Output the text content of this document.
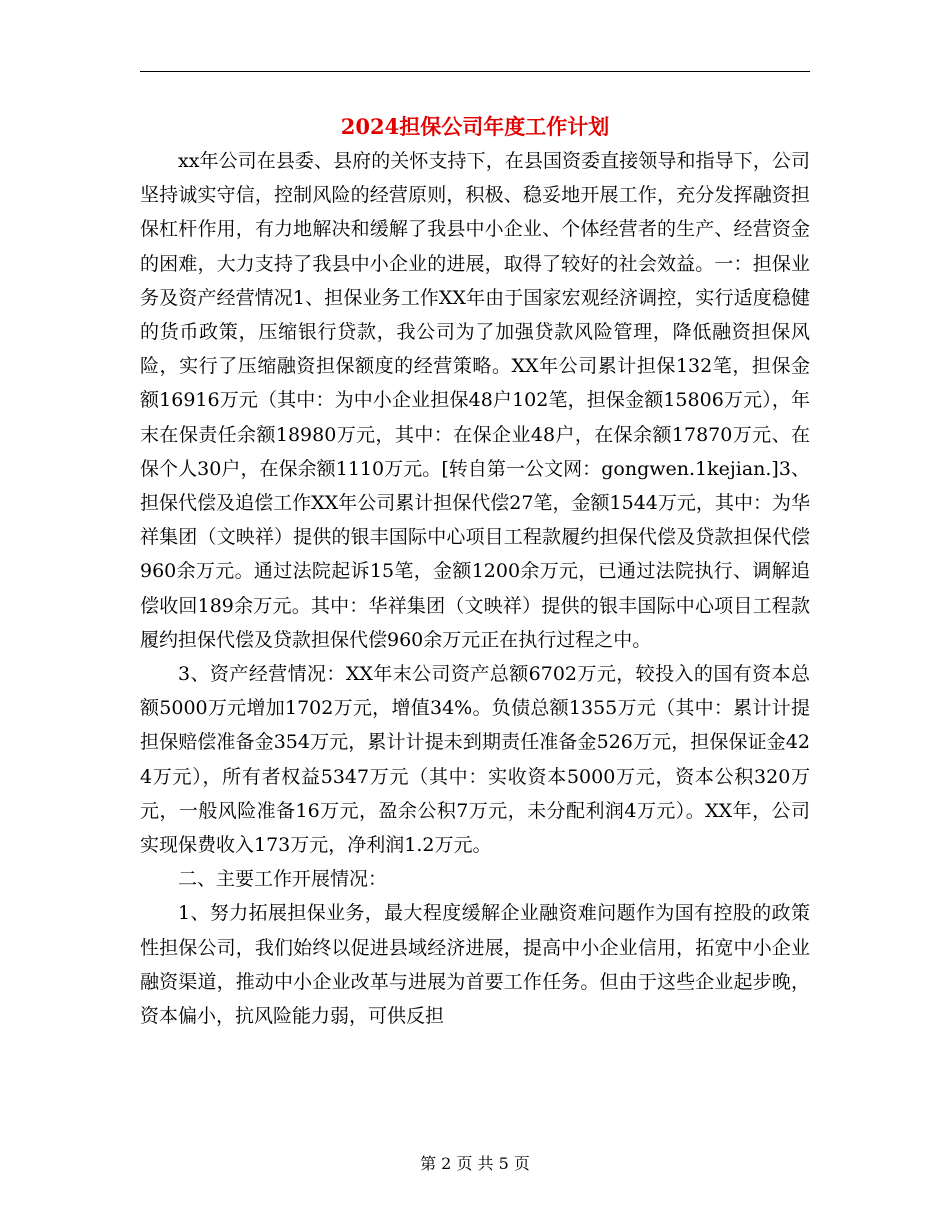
2024担保公司年度工作计划

xx年公司在县委、县府的关怀支持下，在县国资委直接领导和指导下，公司坚持诚实守信，控制风险的经营原则，积极、稳妥地开展工作，充分发挥融资担保杠杆作用，有力地解决和缓解了我县中小企业、个体经营者的生产、经营资金的困难，大力支持了我县中小企业的进展，取得了较好的社会效益。一：担保业务及资产经营情况1、担保业务工作XX年由于国家宏观经济调控，实行适度稳健的货币政策，压缩银行贷款，我公司为了加强贷款风险管理，降低融资担保风险，实行了压缩融资担保额度的经营策略。XX年公司累计担保132笔，担保金额16916万元（其中：为中小企业担保48户102笔，担保金额15806万元），年末在保责任余额18980万元，其中：在保企业48户，在保余额17870万元、在保个人30户，在保余额1110万元。[转自第一公文网：gongwen.1kejian.]3、担保代偿及追偿工作XX年公司累计担保代偿27笔，金额1544万元，其中：为华祥集团（文映祥）提供的银丰国际中心项目工程款履约担保代偿及贷款担保代偿960余万元。通过法院起诉15笔，金额1200余万元，已通过法院执行、调解追偿收回189余万元。其中：华祥集团（文映祥）提供的银丰国际中心项目工程款履约担保代偿及贷款担保代偿960余万元正在执行过程之中。

3、资产经营情况：XX年末公司资产总额6702万元，较投入的国有资本总额5000万元增加1702万元，增值34%。负债总额1355万元（其中：累计计提担保赔偿准备金354万元，累计计提未到期责任准备金526万元，担保保证金424万元），所有者权益5347万元（其中：实收资本5000万元，资本公积320万元，一般风险准备16万元，盈余公积7万元，未分配利润4万元）。XX年，公司实现保费收入173万元，净利润1.2万元。

二、主要工作开展情况：

1、努力拓展担保业务，最大程度缓解企业融资难问题作为国有控股的政策性担保公司，我们始终以促进县域经济进展，提高中小企业信用，拓宽中小企业融资渠道，推动中小企业改革与进展为首要工作任务。但由于这些企业起步晚，资本偏小，抗风险能力弱，可供反担

第 2 页 共 5 页
